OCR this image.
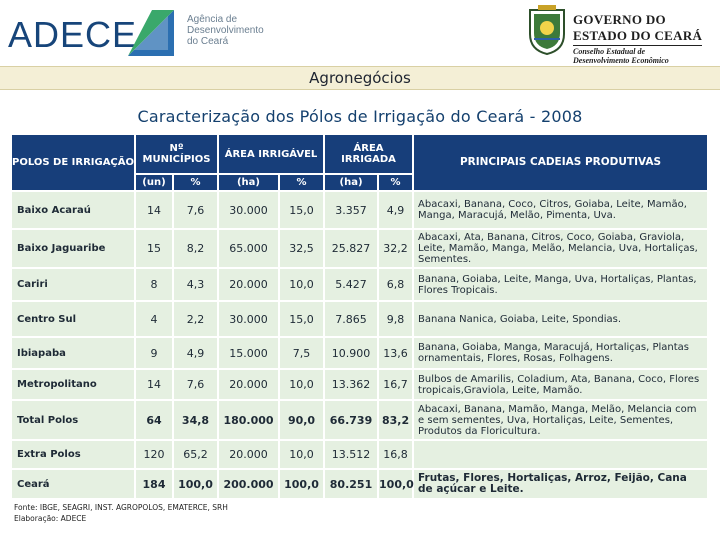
ADECE	Agência de
Desenvolvimento
do Ceará
GOVERNO DO
ESTADO DO CEARÁ
Conselho Estadual de
Desenvolvimento Econômico
Agronegócios
Caracterização dos Pólos de Irrigação do Ceará - 2008
POLOS DE IRRIGAÇÃO	Nº MUNICÍPIOS		ÁREA IRRIGÁVEL		ÁREA IRRIGADA		PRINCIPAIS CADEIAS PRODUTIVAS
	(un)	%	(ha)	%	(ha)	%	
Baixo Acaraú	14	7,6	30.000	15,0	3.357	4,9	Abacaxi, Banana, Coco, Citros, Goiaba, Leite, Mamão, Manga, Maracujá, Melão, Pimenta, Uva.
Baixo Jaguaribe	15	8,2	65.000	32,5	25.827	32,2	Abacaxi, Ata, Banana, Citros, Coco, Goiaba, Graviola, Leite, Mamão, Manga, Melão, Melancia, Uva, Hortaliças, Sementes.
Cariri	8	4,3	20.000	10,0	5.427	6,8	Banana, Goiaba, Leite, Manga, Uva, Hortaliças, Plantas, Flores Tropicais.
Centro Sul	4	2,2	30.000	15,0	7.865	9,8	Banana Nanica, Goiaba, Leite, Spondias.
Ibiapaba	9	4,9	15.000	7,5	10.900	13,6	Banana, Goiaba, Manga, Maracujá, Hortaliças, Plantas ornamentais, Flores, Rosas, Folhagens.
Metropolitano	14	7,6	20.000	10,0	13.362	16,7	Bulbos de Amarilis, Coladium, Ata, Banana, Coco, Flores tropicais,Graviola, Leite, Mamão.
Total Polos	64	34,8	180.000	90,0	66.739	83,2	Abacaxi, Banana, Mamão, Manga, Melão, Melancia com e sem sementes, Uva, Hortaliças, Leite, Sementes, Produtos da Floricultura.
Extra Polos	120	65,2	20.000	10,0	13.512	16,8	
Ceará	184	100,0	200.000	100,0	80.251	100,0	Frutas, Flores, Hortaliças, Arroz, Feijão, Cana de açúcar e Leite.
Fonte: IBGE, SEAGRI, INST. AGROPOLOS, EMATERCE, SRH
Elaboração: ADECE
